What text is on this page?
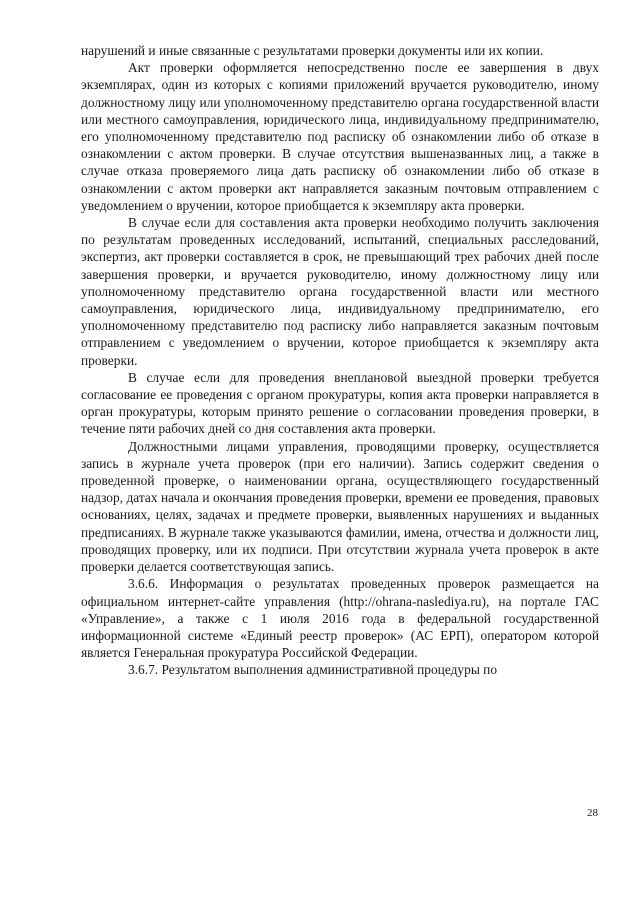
нарушений и иные связанные с результатами проверки документы или их копии.

Акт проверки оформляется непосредственно после ее завершения в двух экземплярах, один из которых с копиями приложений вручается руководителю, иному должностному лицу или уполномоченному представителю органа государственной власти или местного самоуправления, юридического лица, индивидуальному предпринимателю, его уполномоченному представителю под расписку об ознакомлении либо об отказе в ознакомлении с актом проверки. В случае отсутствия вышеназванных лиц, а также в случае отказа проверяемого лица дать расписку об ознакомлении либо об отказе в ознакомлении с актом проверки акт направляется заказным почтовым отправлением с уведомлением о вручении, которое приобщается к экземпляру акта проверки.

В случае если для составления акта проверки необходимо получить заключения по результатам проведенных исследований, испытаний, специальных расследований, экспертиз, акт проверки составляется в срок, не превышающий трех рабочих дней после завершения проверки, и вручается руководителю, иному должностному лицу или уполномоченному представителю органа государственной власти или местного самоуправления, юридического лица, индивидуальному предпринимателю, его уполномоченному представителю под расписку либо направляется заказным почтовым отправлением с уведомлением о вручении, которое приобщается к экземпляру акта проверки.

В случае если для проведения внеплановой выездной проверки требуется согласование ее проведения с органом прокуратуры, копия акта проверки направляется в орган прокуратуры, которым принято решение о согласовании проведения проверки, в течение пяти рабочих дней со дня составления акта проверки.

Должностными лицами управления, проводящими проверку, осуществляется запись в журнале учета проверок (при его наличии). Запись содержит сведения о проведенной проверке, о наименовании органа, осуществляющего государственный надзор, датах начала и окончания проведения проверки, времени ее проведения, правовых основаниях, целях, задачах и предмете проверки, выявленных нарушениях и выданных предписаниях. В журнале также указываются фамилии, имена, отчества и должности лиц, проводящих проверку, или их подписи. При отсутствии журнала учета проверок в акте проверки делается соответствующая запись.

3.6.6. Информация о результатах проведенных проверок размещается на официальном интернет-сайте управления (http://ohrana-naslediya.ru), на портале ГАС «Управление», а также с 1 июля 2016 года в федеральной государственной информационной системе «Единый реестр проверок» (АС ЕРП), оператором которой является Генеральная прокуратура Российской Федерации.

3.6.7. Результатом выполнения административной процедуры по

28
